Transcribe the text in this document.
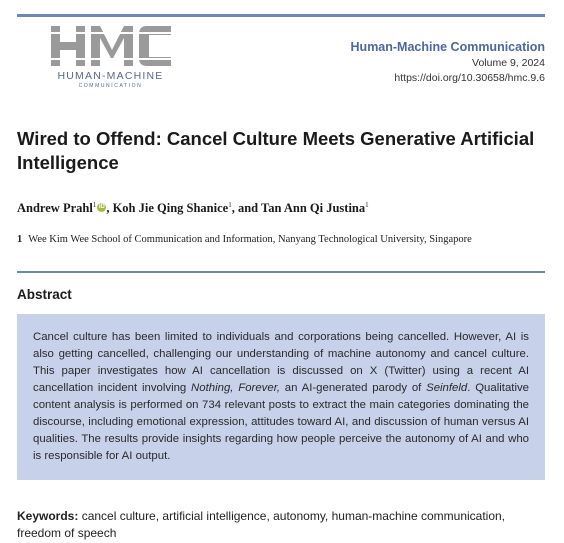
HUMAN-MACHINE
COMMUNICATION
Human-Machine Communication
Volume 9, 2024
https://doi.org/10.30658/hmc.9.6
Wired to Offend: Cancel Culture Meets Generative Artificial Intelligence
Andrew Prahl$^1$ iD , Koh Jie Qing Shanice$^1$, and Tan Ann Qi Justina$^1$
1 Wee Kim Wee School of Communication and Information, Nanyang Technological University, Singapore
Abstract
Cancel culture has been limited to individuals and corporations being cancelled. However, AI is also getting cancelled, challenging our understanding of machine autonomy and cancel culture. This paper investigates how AI cancellation is discussed on X (Twitter) using a recent AI cancellation incident involving Nothing, Forever, an AI-generated parody of Seinfeld. Qualitative content analysis is performed on 734 relevant posts to extract the main categories dominating the discourse, including emotional expression, attitudes toward AI, and discussion of human versus AI qualities. The results provide insights regarding how people perceive the autonomy of AI and who is responsible for AI output.
Keywords: cancel culture, artificial intelligence, autonomy, human-machine communication, freedom of speech
